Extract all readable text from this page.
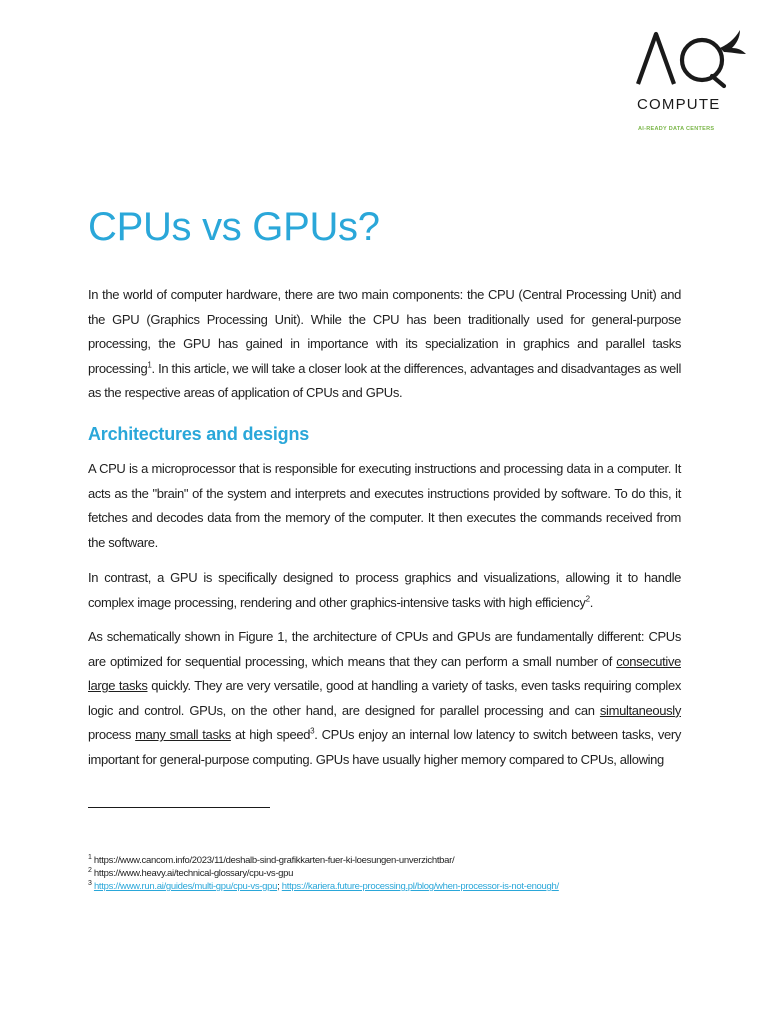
COMPUTE
AI-READY DATA CENTERS
CPUs vs GPUs?

In the world of computer hardware, there are two main components: the CPU (Central Processing Unit) and the GPU (Graphics Processing Unit). While the CPU has been traditionally used for general-purpose processing, the GPU has gained in importance with its specialization in graphics and parallel tasks processing$^1$. In this article, we will take a closer look at the differences, advantages and disadvantages as well as the respective areas of application of CPUs and GPUs.

Architectures and designs

A CPU is a microprocessor that is responsible for executing instructions and processing data in a computer. It acts as the "brain" of the system and interprets and executes instructions provided by software. To do this, it fetches and decodes data from the memory of the computer. It then executes the commands received from the software.

In contrast, a GPU is specifically designed to process graphics and visualizations, allowing it to handle complex image processing, rendering and other graphics-intensive tasks with high efficiency$^2$.

As schematically shown in Figure 1, the architecture of CPUs and GPUs are fundamentally different: CPUs are optimized for sequential processing, which means that they can perform a small number of consecutive large tasks quickly. They are very versatile, good at handling a variety of tasks, even tasks requiring complex logic and control. GPUs, on the other hand, are designed for parallel processing and can simultaneously process many small tasks at high speed$^3$. CPUs enjoy an internal low latency to switch between tasks, very important for general-purpose computing. GPUs have usually higher memory compared to CPUs, allowing

$^1$ https://www.cancom.info/2023/11/deshalb-sind-grafikkarten-fuer-ki-loesungen-unverzichtbar/
$^2$ https://www.heavy.ai/technical-glossary/cpu-vs-gpu
$^3$ https://www.run.ai/guides/multi-gpu/cpu-vs-gpu; https://kariera.future-processing.pl/blog/when-processor-is-not-enough/
